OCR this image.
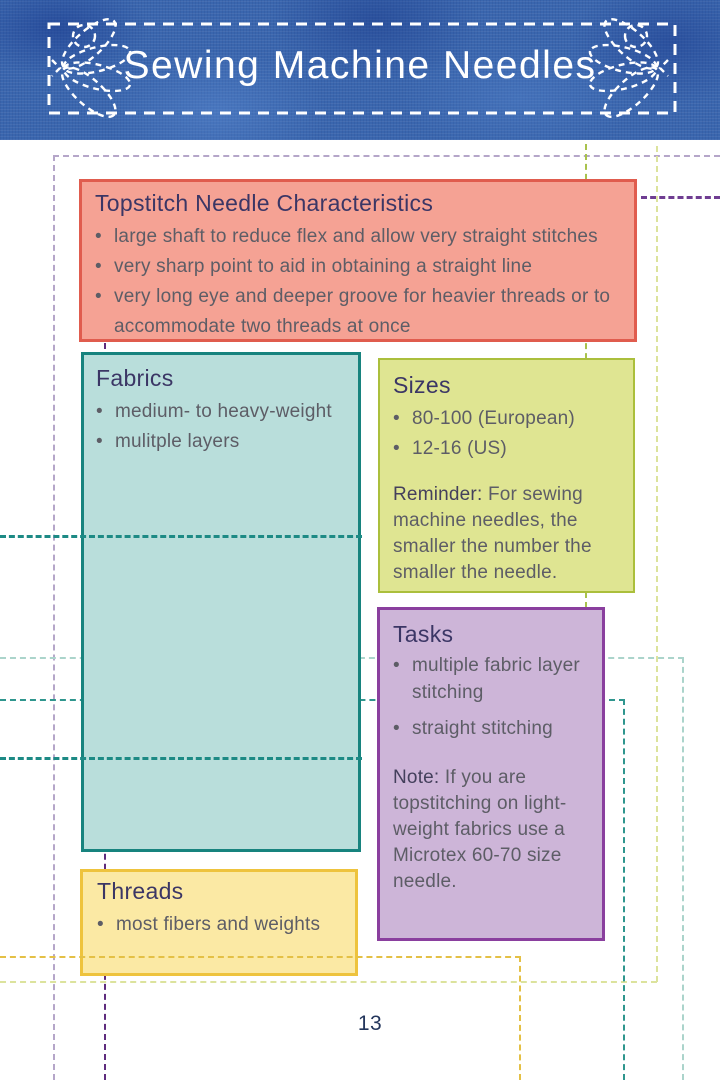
Sewing Machine Needles
Topstitch Needle Characteristics
• large shaft to reduce flex and allow very straight stitches
• very sharp point to aid in obtaining a straight line
• very long eye and deeper groove for heavier threads or to accommodate two threads at once
Fabrics
• medium- to heavy-weight
• mulitple layers
Sizes
• 80-100 (European)
• 12-16 (US)

Reminder: For sewing machine needles, the smaller the number the smaller the needle.

Tasks
• multiple fabric layer stitching
• straight stitching

Note: If you are topstitching on light-weight fabrics use a Microtex 60-70 size needle.

Threads
• most fibers and weights
13
